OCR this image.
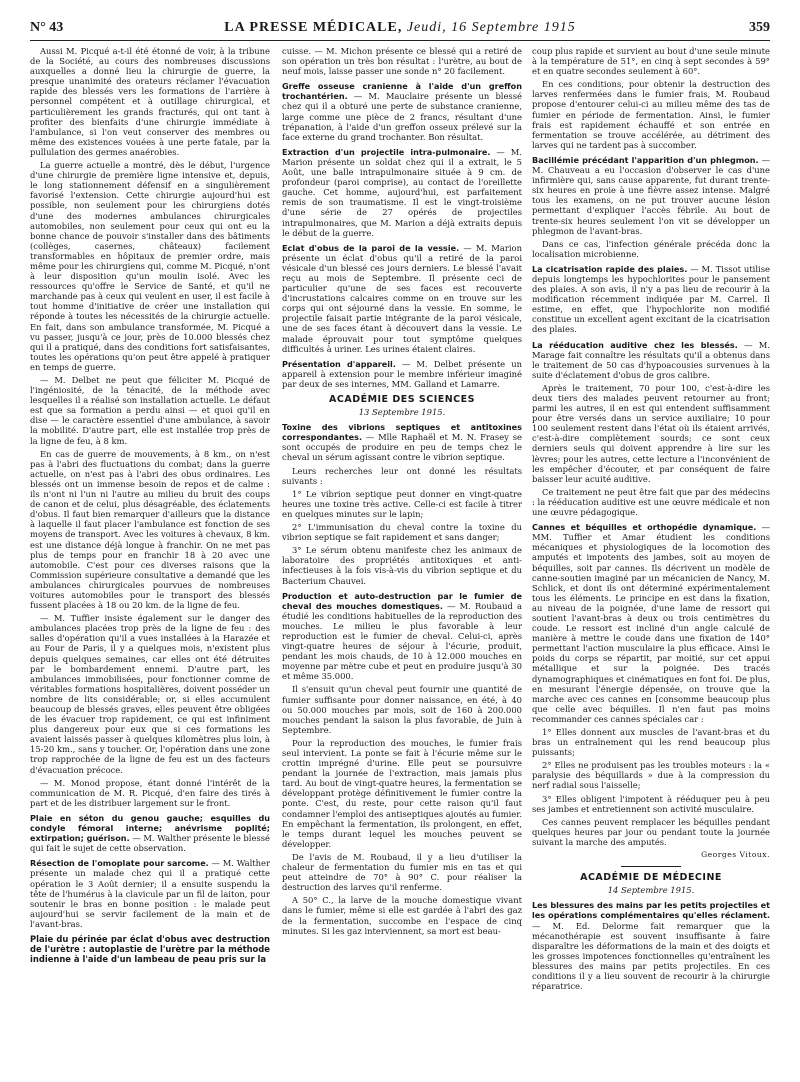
N° 43	LA PRESSE MÉDICALE, Jeudi, 16 Septembre 1915	359

Aussi M. Picqué a-t-il été étonné de voir, à la tribune de la Société, au cours des nombreuses discussions auxquelles a donné lieu la chirurgie de guerre, la presque unanimité des orateurs réclamer l'évacuation rapide des blessés vers les formations de l'arrière à personnel compétent et à outillage chirurgical, et particulièrement les grands fracturés, qui ont tant à profiter des bienfaits d'une chirurgie immédiate à l'ambulance, si l'on veut conserver des membres ou même des existences vouées à une perte fatale, par la pullulation des germes anaérobies.

La guerre actuelle a montré, dès le début, l'urgence d'une chirurgie de première ligne intensive et, depuis, le long stationnement défensif en a singulièrement favorisé l'extension. Cette chirurgie aujourd'hui est possible, non seulement pour les chirurgiens dotés d'une des modernes ambulances chirurgicales automobiles, non seulement pour ceux qui ont eu la bonne chance de pouvoir s'installer dans des bâtiments (collèges, casernes, châteaux) facilement transformables en hôpitaux de premier ordre, mais même pour les chirurgiens qui, comme M. Picqué, n'ont à leur disposition qu'un moulin isolé. Avec les ressources qu'offre le Service de Santé, et qu'il ne marchande pas à ceux qui veulent en user, il est facile à tout homme d'initiative de créer une installation qui réponde à toutes les nécessités de la chirurgie actuelle. En fait, dans son ambulance transformée, M. Picqué a vu passer, jusqu'à ce jour, près de 10.000 blessés chez qui il a pratiqué, dans des conditions fort satisfaisantes, toutes les opérations qu'on peut être appelé à pratiquer en temps de guerre.

— M. Delbet ne peut que féliciter M. Picqué de l'ingéniosité, de la ténacité, de la méthode avec lesquelles il a réalisé son installation actuelle. Le défaut est que sa formation a perdu ainsi — et quoi qu'il en dise — le caractère essentiel d'une ambulance, à savoir la mobilité. D'autre part, elle est installée trop près de la ligne de feu, à 8 km.

En cas de guerre de mouvements, à 8 km., on n'est pas à l'abri des fluctuations du combat; dans la guerre actuelle, on n'est pas à l'abri des obus ordinaires. Les blessés ont un immense besoin de repos et de calme : ils n'ont ni l'un ni l'autre au milieu du bruit des coups de canon et de celui, plus désagréable, des éclatements d'obus. Il faut bien remarquer d'ailleurs que la distance à laquelle il faut placer l'ambulance est fonction de ses moyens de transport. Avec les voitures à chevaux, 8 km. est une distance déjà longue à franchir. On ne met pas plus de temps pour en franchir 18 à 20 avec une automobile. C'est pour ces diverses raisons que la Commission supérieure consultative a demandé que les ambulances chirurgicales pourvues de nombreuses voitures automobiles pour le transport des blessés fussent placées à 18 ou 20 km. de la ligne de feu.

— M. Tuffier insiste également sur le danger des ambulances placées trop près de la ligne de feu : des salles d'opération qu'il a vues installées à la Harazée et au Four de Paris, il y a quelques mois, n'existent plus depuis quelques semaines, car elles ont été détruites par le bombardement ennemi. D'autre part, les ambulances immobilisées, pour fonctionner comme de véritables formations hospitalières, doivent posséder un nombre de lits considérable; or, si elles accumulent beaucoup de blessés graves, elles peuvent être obligées de les évacuer trop rapidement, ce qui est infiniment plus dangereux pour eux que si ces formations les avaient laissés passer à quelques kilomètres plus loin, à 15-20 km., sans y toucher. Or, l'opération dans une zone trop rapprochée de la ligne de feu est un des facteurs d'évacuation précoce.

— M. Monod propose, étant donné l'intérêt de la communication de M. R. Picqué, d'en faire des tirés à part et de les distribuer largement sur le front.

Plaie en séton du genou gauche; esquilles du condyle fémoral interne; anévrisme poplité; extirpation; guérison. — M. Walther présente le blessé qui fait le sujet de cette observation.

Résection de l'omoplate pour sarcome. — M. Walther présente un malade chez qui il a pratiqué cette opération le 3 Août dernier; il a ensuite suspendu la tête de l'humérus à la clavicule par un fil de laiton, pour soutenir le bras en bonne position : le malade peut aujourd'hui se servir facilement de la main et de l'avant-bras.

Plaie du périnée par éclat d'obus avec destruction de l'urètre : autoplastie de l'urètre par la méthode indienne à l'aide d'un lambeau de peau pris sur la

cuisse. — M. Michon présente ce blessé qui a retiré de son opération un très bon résultat : l'urètre, au bout de neuf mois, laisse passer une sonde n° 20 facilement.

Greffe osseuse cranienne à l'aide d'un greffon trochantérien. — M. Mauclaire présente un blessé chez qui il a obturé une perte de substance cranienne, large comme une pièce de 2 francs, résultant d'une trépanation, à l'aide d'un greffon osseux prélevé sur la face externe du grand trochanter. Bon résultat.

Extraction d'un projectile intra-pulmonaire. — M. Marion présente un soldat chez qui il a extrait, le 5 Août, une balle intrapulmonaire située à 9 cm. de profondeur (paroi comprise), au contact de l'oreillette gauche. Cet homme, aujourd'hui, est parfaitement remis de son traumatisme. Il est le vingt-troisième d'une série de 27 opérés de projectiles intrapulmonaires, que M. Marion a déjà extraits depuis le début de la guerre.

Eclat d'obus de la paroi de la vessie. — M. Marion présente un éclat d'obus qu'il a retiré de la paroi vésicale d'un blessé ces jours derniers. Le blessé l'avait reçu au mois de Septembre. Il présente ceci de particulier qu'une de ses faces est recouverte d'incrustations calcaires comme on en trouve sur les corps qui ont séjourné dans la vessie. En somme, le projectile faisait partie intégrante de la paroi vésicale, une de ses faces étant à découvert dans la vessie. Le malade éprouvait pour tout symptôme quelques difficultés à uriner. Les urines étaient claires.

Présentation d'appareil. — M. Delbet présente un appareil à extension pour le membre inférieur imaginé par deux de ses internes, MM. Galland et Lamarre.

ACADÉMIE DES SCIENCES
13 Septembre 1915.

Toxine des vibrions septiques et antitoxines correspondantes. — Mlle Raphaël et M. N. Frasey se sont occupés de produire en peu de temps chez le cheval un sérum agissant contre le vibrion septique.

Leurs recherches leur ont donné les résultats suivants :

1° Le vibrion septique peut donner en vingt-quatre heures une toxine très active. Celle-ci est facile à titrer en quelques minutes sur le lapin;

2° L'immunisation du cheval contre la toxine du vibrion septique se fait rapidement et sans danger;

3° Le sérum obtenu manifeste chez les animaux de laboratoire des propriétés antitoxiques et anti-infectieuses à la fois vis-à-vis du vibrion septique et du Bacterium Chauvei.

Production et auto-destruction par le fumier de cheval des mouches domestiques. — M. Roubaud a étudié les conditions habituelles de la reproduction des mouches. Le milieu le plus favorable à leur reproduction est le fumier de cheval. Celui-ci, après vingt-quatre heures de séjour à l'écurie, produit, pendant les mois chauds, de 10 à 12.000 mouches en moyenne par mètre cube et peut en produire jusqu'à 30 et même 35.000.

Il s'ensuit qu'un cheval peut fournir une quantité de fumier suffisante pour donner naissance, en été, à 40 ou 50.000 mouches par mois, soit de 160 à 200.000 mouches pendant la saison la plus favorable, de Juin à Septembre.

Pour la reproduction des mouches, le fumier frais seul intervient. La ponte se fait à l'écurie même sur le crottin imprégné d'urine. Elle peut se poursuivre pendant la journée de l'extraction, mais jamais plus tard. Au bout de vingt-quatre heures, la fermentation se développant protège définitivement le fumier contre la ponte. C'est, du reste, pour cette raison qu'il faut condamner l'emploi des antiseptiques ajoutés au fumier. En empêchant la fermentation, ils prolongent, en effet, le temps durant lequel les mouches peuvent se développer.

De l'avis de M. Roubaud, il y a lieu d'utiliser la chaleur de fermentation du fumier mis en tas et qui peut atteindre de 70° à 90° C. pour réaliser la destruction des larves qu'il renferme.

A 50° C., la larve de la mouche domestique vivant dans le fumier, même si elle est gardée à l'abri des gaz de la fermentation, succombe en l'espace de cinq minutes. Si les gaz interviennent, sa mort est beau-

coup plus rapide et survient au bout d'une seule minute à la température de 51°, en cinq à sept secondes à 59° et en quatre secondes seulement à 60°.

En ces conditions, pour obtenir la destruction des larves renfermées dans le fumier frais, M. Roubaud propose d'entourer celui-ci au milieu même des tas de fumier en période de fermentation. Ainsi, le fumier frais est rapidement échauffé et son entrée en fermentation se trouve accélérée, au détriment des larves qui ne tardent pas à succomber.

Bacillémie précédant l'apparition d'un phlegmon. — M. Chauveau a eu l'occasion d'observer le cas d'une infirmière qui, sans cause apparente, fut durant trente-six heures en proie à une fièvre assez intense. Malgré tous les examens, on ne put trouver aucune lésion permettant d'expliquer l'accès fébrile. Au bout de trente-six heures seulement l'on vit se développer un phlegmon de l'avant-bras.

Dans ce cas, l'infection générale précéda donc la localisation microbienne.

La cicatrisation rapide des plaies. — M. Tissot utilise depuis longtemps les hypochlorites pour le pansement des plaies. A son avis, il n'y a pas lieu de recourir à la modification récemment indiquée par M. Carrel. Il estime, en effet, que l'hypochlorite non modifié constitue un excellent agent excitant de la cicatrisation des plaies.

La rééducation auditive chez les blessés. — M. Marage fait connaître les résultats qu'il a obtenus dans le traitement de 50 cas d'hypoacousies survenues à la suite d'éclatement d'obus de gros calibre.

Après le traitement, 70 pour 100, c'est-à-dire les deux tiers des malades peuvent retourner au front; parmi les autres, il en est qui entendent suffisamment pour être versés dans un service auxiliaire; 10 pour 100 seulement restent dans l'état où ils étaient arrivés, c'est-à-dire complètement sourds; ce sont ceux derniers seuls qui doivent apprendre à lire sur les lèvres; pour les autres, cette lecture a l'inconvénient de les empêcher d'écouter, et par conséquent de faire baisser leur acuité auditive.

Ce traitement ne peut être fait que par des médecins : la rééducation auditive est une œuvre médicale et non une œuvre pédagogique.

Cannes et béquilles et orthopédie dynamique. — MM. Tuffier et Amar étudient les conditions mécaniques et physiologiques de la locomotion des amputés et impotents des jambes, soit au moyen de béquilles, soit par cannes. Ils décrivent un modèle de canne-soutien imaginé par un mécanicien de Nancy, M. Schlick, et dont ils ont déterminé expérimentalement tous les éléments. Le principe en est dans la fixation, au niveau de la poignée, d'une lame de ressort qui soutient l'avant-bras à deux ou trois centimètres du coude. Le ressort est incliné d'un angle calculé de manière à mettre le coude dans une fixation de 140° permettant l'action musculaire la plus efficace. Ainsi le poids du corps se répartit, par moitié, sur cet appui métallique et sur la poignée. Des tracés dynamographiques et cinématiques en font foi. De plus, en mesurant l'énergie dépensée, on trouve que la marche avec ces cannes en [consomme beaucoup plus que celle avec béquilles. Il n'en faut pas moins recommander ces cannes spéciales car :

1° Elles donnent aux muscles de l'avant-bras et du bras un entraînement qui les rend beaucoup plus puissants;

2° Elles ne produisent pas les troubles moteurs : la « paralysie des béquillards » due à la compression du nerf radial sous l'aisselle;

3° Elles obligent l'impotent à rééduquer peu à peu ses jambes et entretiennent son activité musculaire.

Ces cannes peuvent remplacer les béquilles pendant quelques heures par jour ou pendant toute la journée suivant la marche des amputés.

Georges Vitoux.
ACADÉMIE DE MÉDECINE
14 Septembre 1915.

Les blessures des mains par les petits projectiles et les opérations complémentaires qu'elles réclament. — M. Ed. Delorme fait remarquer que la mécanothérapie est souvent insuffisante à faire disparaître les déformations de la main et des doigts et les grosses impotences fonctionnelles qu'entraînent les blessures des mains par petits projectiles. En ces conditions il y a lieu souvent de recourir à la chirurgie réparatrice.
